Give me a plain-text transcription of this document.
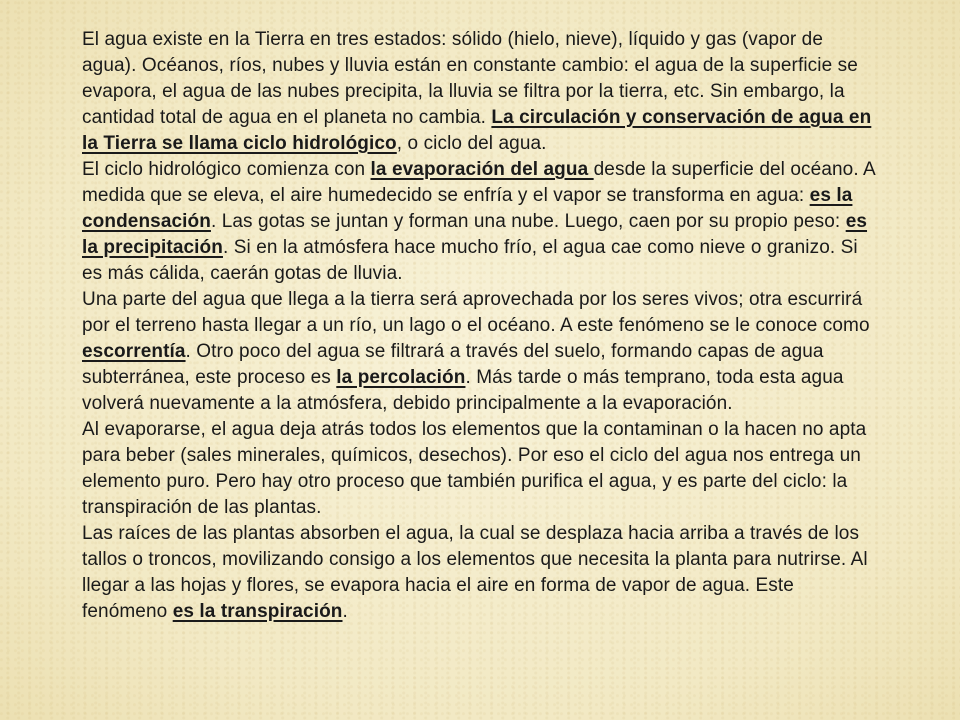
El agua existe en la Tierra en tres estados: sólido (hielo, nieve), líquido y gas (vapor de agua). Océanos, ríos, nubes y lluvia están en constante cambio: el agua de la superficie se evapora, el agua de las nubes precipita, la lluvia se filtra por la tierra, etc. Sin embargo, la cantidad total de agua en el planeta no cambia. La circulación y conservación de agua en la Tierra se llama ciclo hidrológico, o ciclo del agua.

El ciclo hidrológico comienza con la evaporación del agua desde la superficie del océano. A medida que se eleva, el aire humedecido se enfría y el vapor se transforma en agua: es la condensación. Las gotas se juntan y forman una nube. Luego, caen por su propio peso: es la precipitación. Si en la atmósfera hace mucho frío, el agua cae como nieve o granizo. Si es más cálida, caerán gotas de lluvia.

Una parte del agua que llega a la tierra será aprovechada por los seres vivos; otra escurrirá por el terreno hasta llegar a un río, un lago o el océano. A este fenómeno se le conoce como escorrentía. Otro poco del agua se filtrará a través del suelo, formando capas de agua subterránea, este proceso es la percolación. Más tarde o más temprano, toda esta agua volverá nuevamente a la atmósfera, debido principalmente a la evaporación.

Al evaporarse, el agua deja atrás todos los elementos que la contaminan o la hacen no apta para beber (sales minerales, químicos, desechos). Por eso el ciclo del agua nos entrega un elemento puro. Pero hay otro proceso que también purifica el agua, y es parte del ciclo: la transpiración de las plantas.

Las raíces de las plantas absorben el agua, la cual se desplaza hacia arriba a través de los tallos o troncos, movilizando consigo a los elementos que necesita la planta para nutrirse. Al llegar a las hojas y flores, se evapora hacia el aire en forma de vapor de agua. Este fenómeno es la transpiración.
